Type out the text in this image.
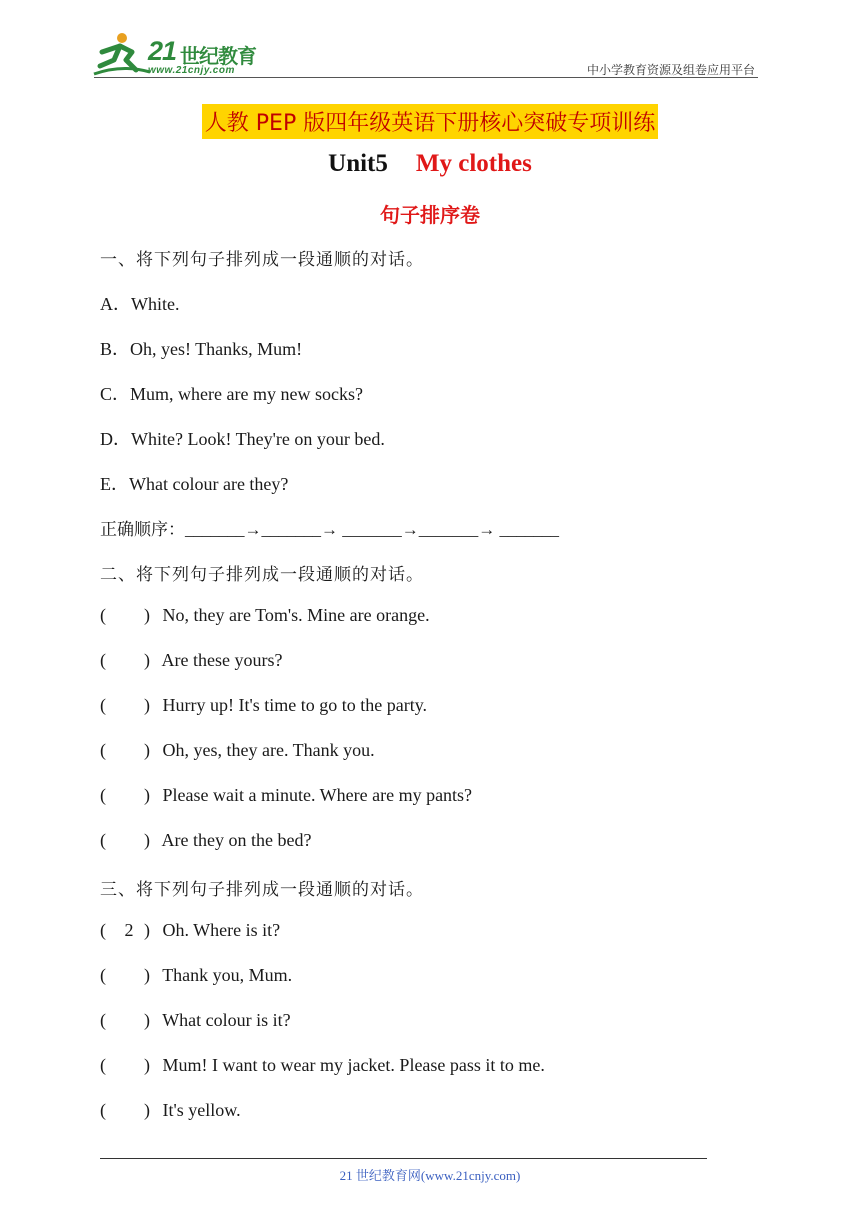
21 世纪教育
www.21cnjy.com	中小学教育资源及组卷应用平台
人教 PEP 版四年级英语下册核心突破专项训练
Unit5 My clothes
句子排序卷
一、将下列句子排列成一段通顺的对话。
A．White.
B．Oh, yes! Thanks, Mum!
C．Mum, where are my new socks?
D．White? Look! They're on your bed.
E．What colour are they?
正确顺序：_______→_______→ _______→_______→ _______
二、将下列句子排列成一段通顺的对话。
( ) No, they are Tom's. Mine are orange.
( ) Are these yours?
( ) Hurry up! It's time to go to the party.
( ) Oh, yes, they are. Thank you.
( ) Please wait a minute. Where are my pants?
( ) Are they on the bed?
三、将下列句子排列成一段通顺的对话。
( 2 ) Oh. Where is it?
( ) Thank you, Mum.
( ) What colour is it?
( ) Mum! I want to wear my jacket. Please pass it to me.
( ) It's yellow.
21 世纪教育网(www.21cnjy.com)
